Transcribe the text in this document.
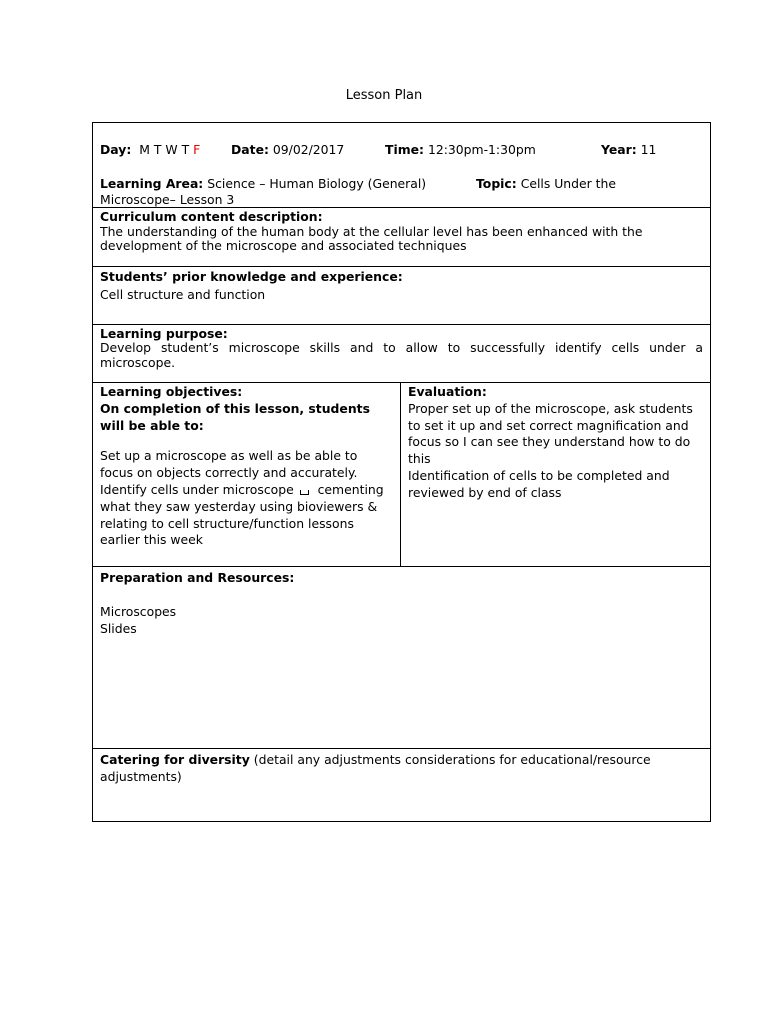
Lesson Plan
Day: M T W T F Date: 09/02/2017	Time: 12:30pm-1:30pm	Year: 11
Learning Area: Science – Human Biology (General)	Topic: Cells Under the
Microscope– Lesson 3

Curriculum content description:

The understanding of the human body at the cellular level has been enhanced with the development of the microscope and associated techniques

Students’ prior knowledge and experience:

Cell structure and function

Learning purpose:

Develop student’s microscope skills and to allow to successfully identify cells under a microscope.

Learning objectives:

On completion of this lesson, students will be able to:

Set up a microscope as well as be able to focus on objects correctly and accurately.

Identify cells under microscope cementing what they saw yesterday using bioviewers & relating to cell structure/function lessons earlier this week

Evaluation:

Proper set up of the microscope, ask students to set it up and set correct magnification and focus so I can see they understand how to do this

Identification of cells to be completed and reviewed by end of class

Preparation and Resources:

Microscopes

Slides

Catering for diversity (detail any adjustments considerations for educational/resource adjustments)
